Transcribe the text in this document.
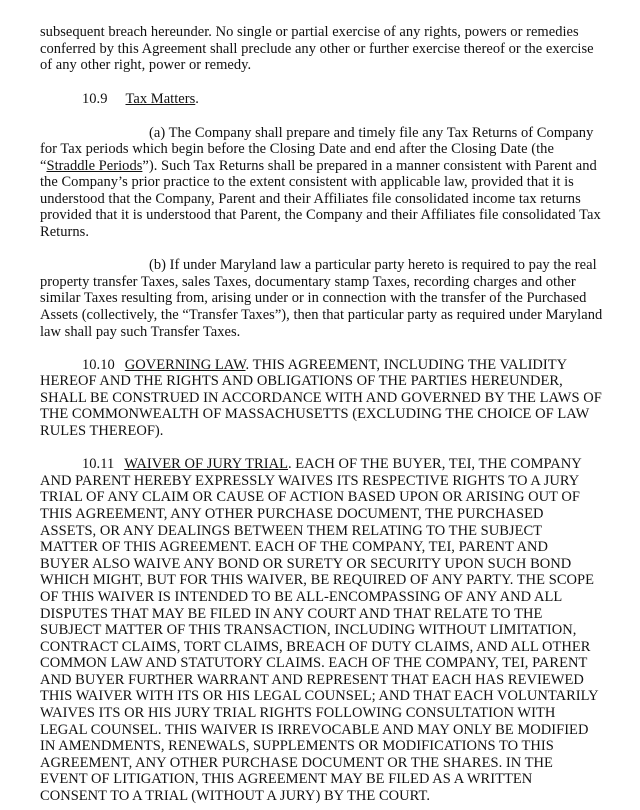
subsequent breach hereunder. No single or partial exercise of any rights, powers or remedies
conferred by this Agreement shall preclude any other or further exercise thereof or the exercise
of any other right, power or remedy.
10.9 Tax Matters.
(a) The Company shall prepare and timely file any Tax Returns of Company
for Tax periods which begin before the Closing Date and end after the Closing Date (the
“Straddle Periods”). Such Tax Returns shall be prepared in a manner consistent with Parent and
the Company’s prior practice to the extent consistent with applicable law, provided that it is
understood that the Company, Parent and their Affiliates file consolidated income tax returns
provided that it is understood that Parent, the Company and their Affiliates file consolidated Tax
Returns.
(b) If under Maryland law a particular party hereto is required to pay the real
property transfer Taxes, sales Taxes, documentary stamp Taxes, recording charges and other
similar Taxes resulting from, arising under or in connection with the transfer of the Purchased
Assets (collectively, the “Transfer Taxes”), then that particular party as required under Maryland
law shall pay such Transfer Taxes.
10.10 GOVERNING LAW. THIS AGREEMENT, INCLUDING THE VALIDITY
HEREOF AND THE RIGHTS AND OBLIGATIONS OF THE PARTIES HEREUNDER,
SHALL BE CONSTRUED IN ACCORDANCE WITH AND GOVERNED BY THE LAWS OF
THE COMMONWEALTH OF MASSACHUSETTS (EXCLUDING THE CHOICE OF LAW
RULES THEREOF).
10.11 WAIVER OF JURY TRIAL. EACH OF THE BUYER, TEI, THE COMPANY
AND PARENT HEREBY EXPRESSLY WAIVES ITS RESPECTIVE RIGHTS TO A JURY
TRIAL OF ANY CLAIM OR CAUSE OF ACTION BASED UPON OR ARISING OUT OF
THIS AGREEMENT, ANY OTHER PURCHASE DOCUMENT, THE PURCHASED
ASSETS, OR ANY DEALINGS BETWEEN THEM RELATING TO THE SUBJECT
MATTER OF THIS AGREEMENT. EACH OF THE COMPANY, TEI, PARENT AND
BUYER ALSO WAIVE ANY BOND OR SURETY OR SECURITY UPON SUCH BOND
WHICH MIGHT, BUT FOR THIS WAIVER, BE REQUIRED OF ANY PARTY. THE SCOPE
OF THIS WAIVER IS INTENDED TO BE ALL-ENCOMPASSING OF ANY AND ALL
DISPUTES THAT MAY BE FILED IN ANY COURT AND THAT RELATE TO THE
SUBJECT MATTER OF THIS TRANSACTION, INCLUDING WITHOUT LIMITATION,
CONTRACT CLAIMS, TORT CLAIMS, BREACH OF DUTY CLAIMS, AND ALL OTHER
COMMON LAW AND STATUTORY CLAIMS. EACH OF THE COMPANY, TEI, PARENT
AND BUYER FURTHER WARRANT AND REPRESENT THAT EACH HAS REVIEWED
THIS WAIVER WITH ITS OR HIS LEGAL COUNSEL; AND THAT EACH VOLUNTARILY
WAIVES ITS OR HIS JURY TRIAL RIGHTS FOLLOWING CONSULTATION WITH
LEGAL COUNSEL. THIS WAIVER IS IRREVOCABLE AND MAY ONLY BE MODIFIED
IN AMENDMENTS, RENEWALS, SUPPLEMENTS OR MODIFICATIONS TO THIS
AGREEMENT, ANY OTHER PURCHASE DOCUMENT OR THE SHARES. IN THE
EVENT OF LITIGATION, THIS AGREEMENT MAY BE FILED AS A WRITTEN
CONSENT TO A TRIAL (WITHOUT A JURY) BY THE COURT.
